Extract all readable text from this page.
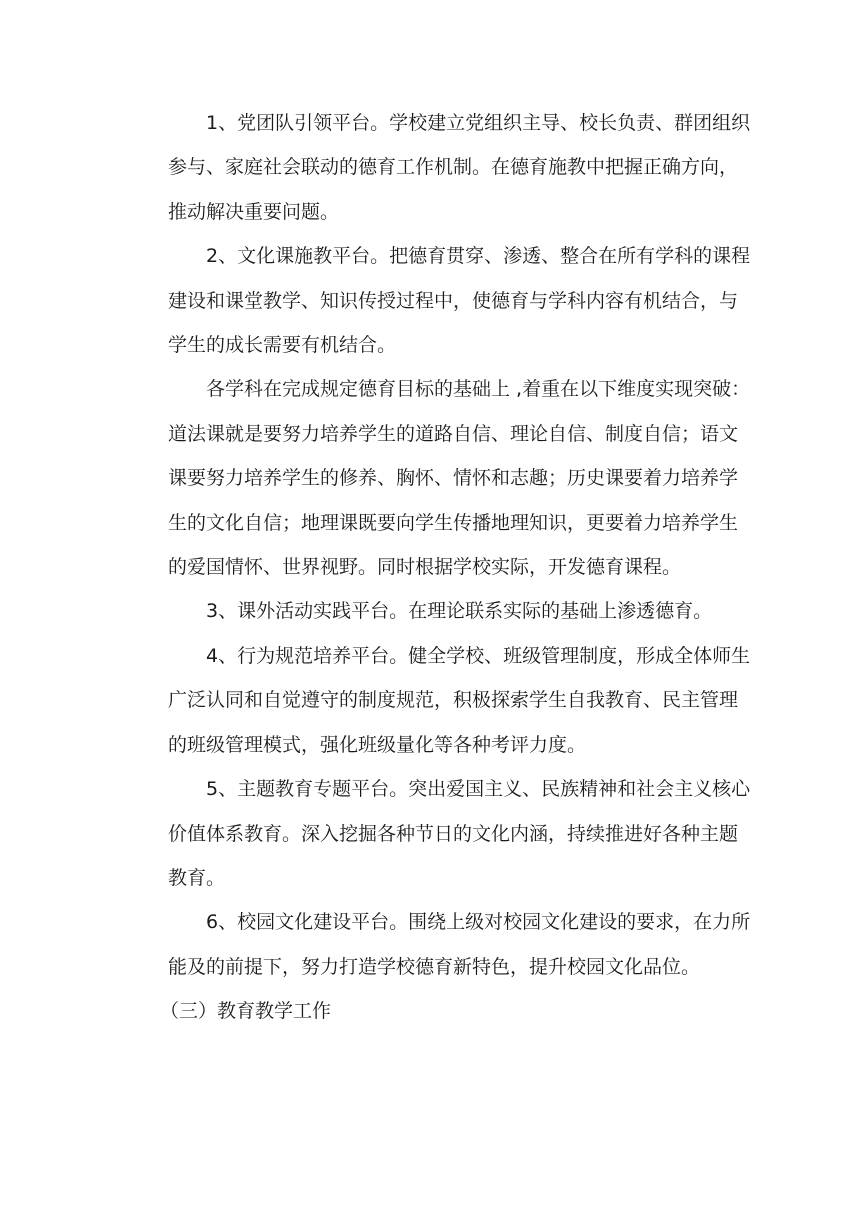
1、党团队引领平台。学校建立党组织主导、校长负责、群团组织
参与、家庭社会联动的德育工作机制。在德育施教中把握正确方向，
推动解决重要问题。
2、文化课施教平台。把德育贯穿、渗透、整合在所有学科的课程
建设和课堂教学、知识传授过程中，使德育与学科内容有机结合，与
学生的成长需要有机结合。
各学科在完成规定德育目标的基础上 ,着重在以下维度实现突破：
道法课就是要努力培养学生的道路自信、理论自信、制度自信；语文
课要努力培养学生的修养、胸怀、情怀和志趣；历史课要着力培养学
生的文化自信；地理课既要向学生传播地理知识，更要着力培养学生
的爱国情怀、世界视野。同时根据学校实际，开发德育课程。
3、课外活动实践平台。在理论联系实际的基础上渗透德育。
4、行为规范培养平台。健全学校、班级管理制度，形成全体师生
广泛认同和自觉遵守的制度规范，积极探索学生自我教育、民主管理
的班级管理模式，强化班级量化等各种考评力度。
5、主题教育专题平台。突出爱国主义、民族精神和社会主义核心
价值体系教育。深入挖掘各种节日的文化内涵，持续推进好各种主题
教育。
6、校园文化建设平台。围绕上级对校园文化建设的要求，在力所
能及的前提下，努力打造学校德育新特色，提升校园文化品位。
（三）教育教学工作
